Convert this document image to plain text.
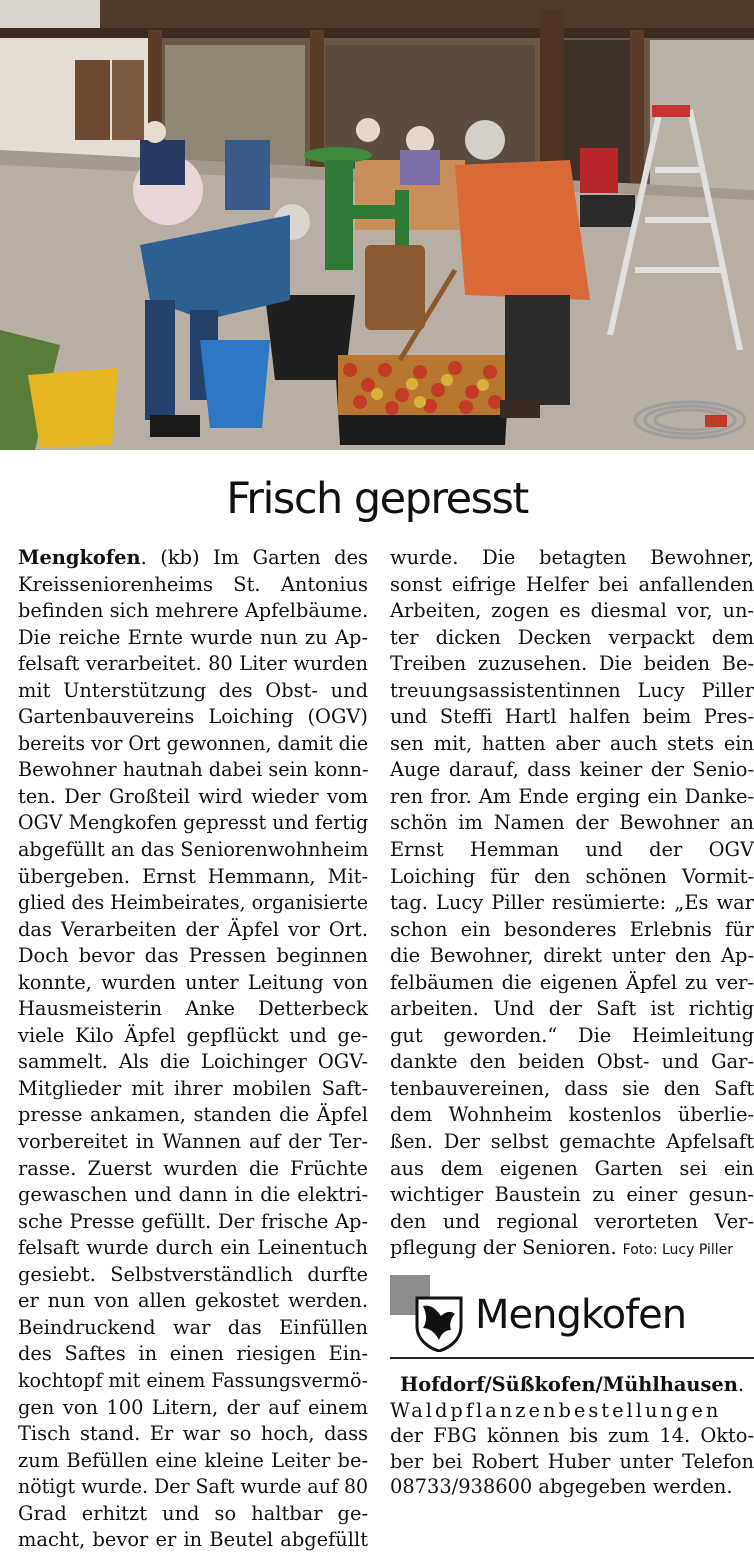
Frisch gepresst
Mengkofen. (kb) Im Garten des
Kreisseniorenheims St. Antonius
befinden sich mehrere Apfelbäume.
Die reiche Ernte wurde nun zu Ap-
felsaft verarbeitet. 80 Liter wurden
mit Unterstützung des Obst- und
Gartenbauvereins Loiching (OGV)
bereits vor Ort gewonnen, damit die
Bewohner hautnah dabei sein konn-
ten. Der Großteil wird wieder vom
OGV Mengkofen gepresst und fertig
abgefüllt an das Seniorenwohnheim
übergeben. Ernst Hemmann, Mit-
glied des Heimbeirates, organisierte
das Verarbeiten der Äpfel vor Ort.
Doch bevor das Pressen beginnen
konnte, wurden unter Leitung von
Hausmeisterin Anke Detterbeck
viele Kilo Äpfel gepflückt und ge-
sammelt. Als die Loichinger OGV-
Mitglieder mit ihrer mobilen Saft-
presse ankamen, standen die Äpfel
vorbereitet in Wannen auf der Ter-
rasse. Zuerst wurden die Früchte
gewaschen und dann in die elektri-
sche Presse gefüllt. Der frische Ap-
felsaft wurde durch ein Leinentuch
gesiebt. Selbstverständlich durfte
er nun von allen gekostet werden.
Beindruckend war das Einfüllen
des Saftes in einen riesigen Ein-
kochtopf mit einem Fassungsvermö-
gen von 100 Litern, der auf einem
Tisch stand. Er war so hoch, dass
zum Befüllen eine kleine Leiter be-
nötigt wurde. Der Saft wurde auf 80
Grad erhitzt und so haltbar ge-
macht, bevor er in Beutel abgefüllt
wurde. Die betagten Bewohner,
sonst eifrige Helfer bei anfallenden
Arbeiten, zogen es diesmal vor, un-
ter dicken Decken verpackt dem
Treiben zuzusehen. Die beiden Be-
treuungsassistentinnen Lucy Piller
und Steffi Hartl halfen beim Pres-
sen mit, hatten aber auch stets ein
Auge darauf, dass keiner der Senio-
ren fror. Am Ende erging ein Danke-
schön im Namen der Bewohner an
Ernst Hemman und der OGV
Loiching für den schönen Vormit-
tag. Lucy Piller resümierte: „Es war
schon ein besonderes Erlebnis für
die Bewohner, direkt unter den Ap-
felbäumen die eigenen Äpfel zu ver-
arbeiten. Und der Saft ist richtig
gut geworden.“ Die Heimleitung
dankte den beiden Obst- und Gar-
tenbauvereinen, dass sie den Saft
dem Wohnheim kostenlos überlie-
ßen. Der selbst gemachte Apfelsaft
aus dem eigenen Garten sei ein
wichtiger Baustein zu einer gesun-
den und regional verorteten Ver-
pflegung der Senioren. Foto: Lucy Piller
Mengkofen
Hofdorf/Süßkofen/Mühlhausen.
Waldpflanzenbestellungen
der FBG können bis zum 14. Okto-
ber bei Robert Huber unter Telefon
08733/938600 abgegeben werden.
